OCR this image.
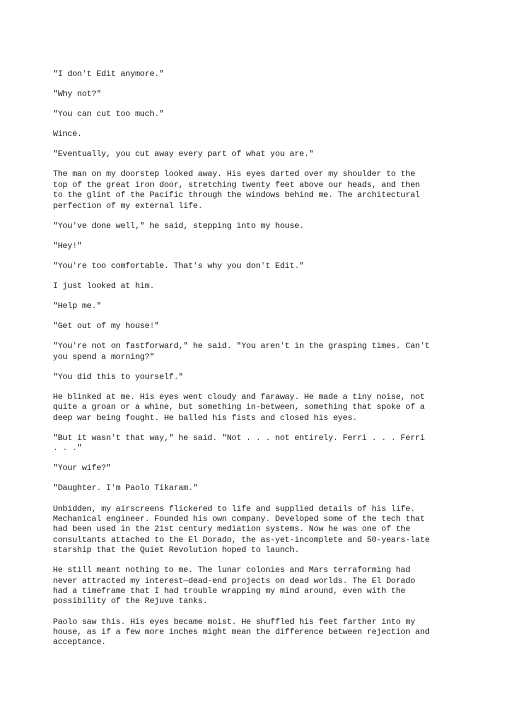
"I don't Edit anymore."

"Why not?"

"You can cut too much."

Wince.

"Eventually, you cut away every part of what you are."

The man on my doorstep looked away. His eyes darted over my shoulder to the
top of the great iron door, stretching twenty feet above our heads, and then
to the glint of the Pacific through the windows behind me. The architectural
perfection of my external life.

"You've done well," he said, stepping into my house.

"Hey!"

"You're too comfortable. That's why you don't Edit."

I just looked at him.

"Help me."

"Get out of my house!"

"You're not on fastforward," he said. "You aren't in the grasping times. Can't
you spend a morning?"

"You did this to yourself."

He blinked at me. His eyes went cloudy and faraway. He made a tiny noise, not
quite a groan or a whine, but something in-between, something that spoke of a
deep war being fought. He balled his fists and closed his eyes.

"But it wasn't that way," he said. "Not . . . not entirely. Ferri . . . Ferri
. . ."

"Your wife?"

"Daughter. I'm Paolo Tikaram."

Unbidden, my airscreens flickered to life and supplied details of his life.
Mechanical engineer. Founded his own company. Developed some of the tech that
had been used in the 21st century mediation systems. Now he was one of the
consultants attached to the El Dorado, the as-yet-incomplete and 50-years-late
starship that the Quiet Revolution hoped to launch.

He still meant nothing to me. The lunar colonies and Mars terraforming had
never attracted my interest—dead-end projects on dead worlds. The El Dorado
had a timeframe that I had trouble wrapping my mind around, even with the
possibility of the Rejuve tanks.

Paolo saw this. His eyes became moist. He shuffled his feet farther into my
house, as if a few more inches might mean the difference between rejection and
acceptance.
